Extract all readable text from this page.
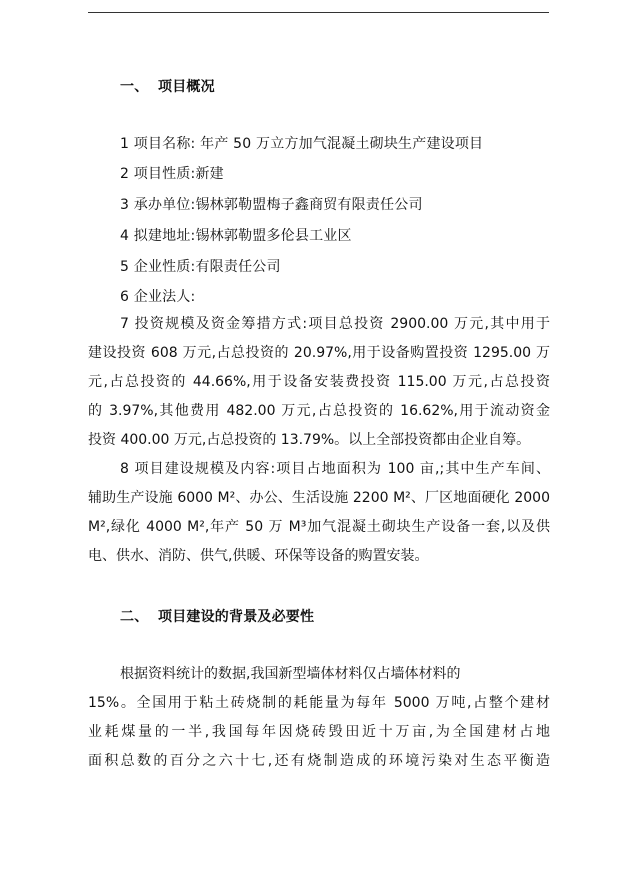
一、 项目概况
1 项目名称: 年产 50 万立方加气混凝土砌块生产建设项目
2 项目性质:新建
3 承办单位:锡林郭勒盟梅子鑫商贸有限责任公司
4 拟建地址:锡林郭勒盟多伦县工业区
5 企业性质:有限责任公司
6 企业法人:
7 投资规模及资金筹措方式:项目总投资 2900.00 万元,其中用于
建设投资 608 万元,占总投资的 20.97%,用于设备购置投资 1295.00 万
元,占总投资的 44.66%,用于设备安装费投资 115.00 万元,占总投资
的 3.97%,其他费用 482.00 万元,占总投资的 16.62%,用于流动资金
投资 400.00 万元,占总投资的 13.79%。以上全部投资都由企业自筹。
8 项目建设规模及内容:项目占地面积为 100 亩,;其中生产车间、
辅助生产设施 6000 M²、办公、生活设施 2200 M²、厂区地面硬化 2000
M²,绿化 4000 M²,年产 50 万 M³加气混凝土砌块生产设备一套,以及供
电、供水、消防、供气,供暖、环保等设备的购置安装。
二、 项目建设的背景及必要性
根据资料统计的数据,我国新型墙体材料仅占墙体材料的
15%。全国用于粘土砖烧制的耗能量为每年 5000 万吨,占整个建材
业耗煤量的一半,我国每年因烧砖毁田近十万亩,为全国建材占地
面积总数的百分之六十七,还有烧制造成的环境污染对生态平衡造
